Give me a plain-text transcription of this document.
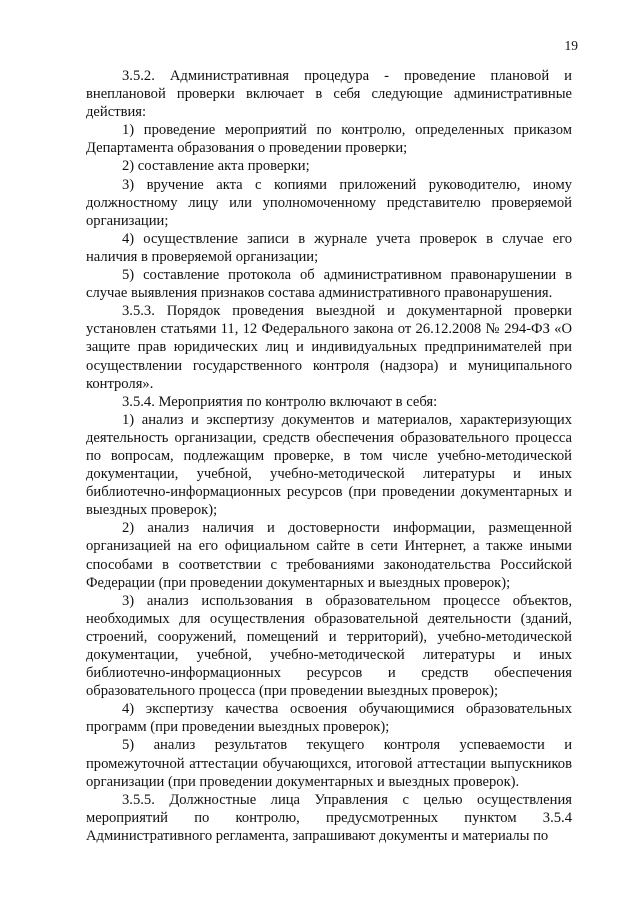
19

3.5.2. Административная процедура - проведение плановой и внеплановой проверки включает в себя следующие административные действия:

1) проведение мероприятий по контролю, определенных приказом Департамента образования о проведении проверки;

2) составление акта проверки;

3) вручение акта с копиями приложений руководителю, иному должностному лицу или уполномоченному представителю проверяемой организации;

4) осуществление записи в журнале учета проверок в случае его наличия в проверяемой организации;

5) составление протокола об административном правонарушении в случае выявления признаков состава административного правонарушения.

3.5.3. Порядок проведения выездной и документарной проверки установлен статьями 11, 12 Федерального закона от 26.12.2008 № 294-ФЗ «О защите прав юридических лиц и индивидуальных предпринимателей при осуществлении государственного контроля (надзора) и муниципального контроля».

3.5.4. Мероприятия по контролю включают в себя:

1) анализ и экспертизу документов и материалов, характеризующих деятельность организации, средств обеспечения образовательного процесса по вопросам, подлежащим проверке, в том числе учебно-методической документации, учебной, учебно-методической литературы и иных библиотечно-информационных ресурсов (при проведении документарных и выездных проверок);

2) анализ наличия и достоверности информации, размещенной организацией на его официальном сайте в сети Интернет, а также иными способами в соответствии с требованиями законодательства Российской Федерации (при проведении документарных и выездных проверок);

3) анализ использования в образовательном процессе объектов, необходимых для осуществления образовательной деятельности (зданий, строений, сооружений, помещений и территорий), учебно-методической документации, учебной, учебно-методической литературы и иных библиотечно-информационных ресурсов и средств обеспечения образовательного процесса (при проведении выездных проверок);

4) экспертизу качества освоения обучающимися образовательных программ (при проведении выездных проверок);

5) анализ результатов текущего контроля успеваемости и промежуточной аттестации обучающихся, итоговой аттестации выпускников организации (при проведении документарных и выездных проверок).

3.5.5. Должностные лица Управления с целью осуществления мероприятий по контролю, предусмотренных пунктом 3.5.4 Административного регламента, запрашивают документы и материалы по
